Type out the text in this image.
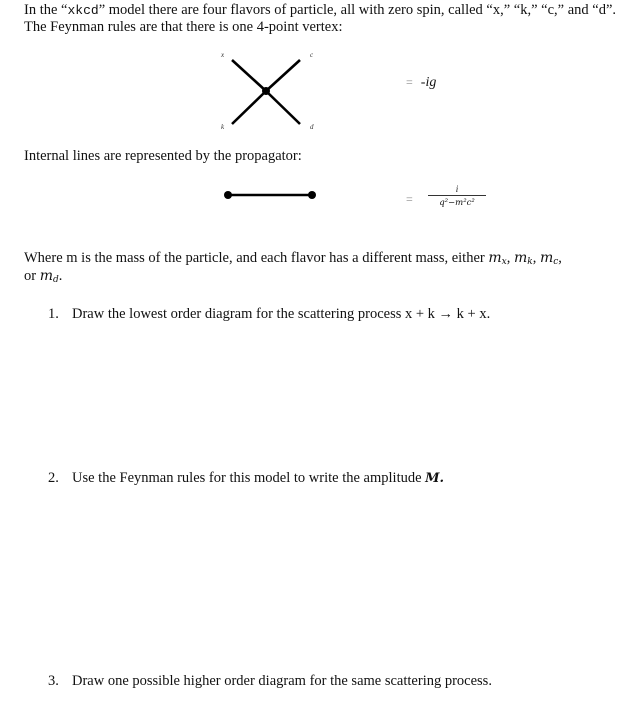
In the “xkcd” model there are four flavors of particle, all with zero spin, called “x,” “k,” “c,” and “d”.
The Feynman rules are that there is one 4-point vertex:
x	c
k	d
= -ig
Internal lines are represented by the propagator:
=
i
q²−m²c²
Where m is the mass of the particle, and each flavor has a different mass, either $m_x$, $m_k$, $m_c$,
or $m_d$.
1. Draw the lowest order diagram for the scattering process x + k → k + x.
2. Use the Feynman rules for this model to write the amplitude M.
3. Draw one possible higher order diagram for the same scattering process.
